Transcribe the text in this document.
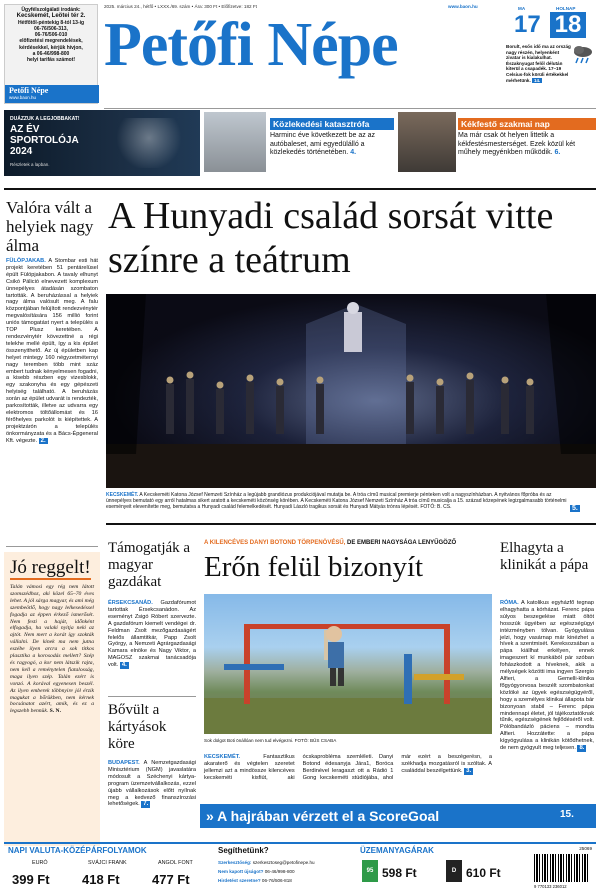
Ügyfélszolgálati irodánk:
Kecskemét, Leötei tér 2.
Hétfőtől-péntekig 8-tól 13-ig
06-76/506-313,
06-76/506-010
előfizetési megrendelések,
kérdésekkel, kérjük hívjon,
a 06-46/998-800
helyi tarifás számot!
Petőfi Népe
www.baon.hu
2025. március 24., hétfő • LXXX./69. szám • Ára: 300 Ft • Előfizetve: 182 Ft	www.baon.hu
Petőfi Népe
MA	HOLNAP
17 18
Borult, esős idő ma az ország nagy részén, helyenként zivatar is kialakulhat. Északnyugat felől délután kiterül a csapadék. 17–19 Celsius-fok körüli értékekkel mérhetünk. 14.
DUÁZZUK A LEGJOBBAKAT!
AZ ÉV SPORTOLÓJA 2024
Részletek a lapban.
Közlekedési katasztrófa
Harminc éve következett be az az autóbaleset, ami egyedülálló a közlekedés történetében. 4.
Kékfestő szakmai nap
Ma már csak öt helyen littetik a kékfestésmesterséget. Ezek közül két műhely megyénkben működik. 6.
Valóra vált a helyiek nagy álma
FÜLÖPJAKAB. A Stombar esti hát projekt keretében 51 pentárelüsel épült Fülöpjakabon. A tavaly elhunyt Csikó Pálició elnevezett komplexum ünnepélyes átadásán szombaton tartották. A beruházással a helyiek nagy álma valósult meg. A falu központjában felújított rendezvénytér megvalósítására 156 millió forint uniós támogatást nyert a település a TOP Plusz keretében. A rendezvénytér kövezettné a régi telekhe mellé épült, így a kis épület összenyithető. Az új épületben kap helyet mintegy 160 négyzetméternyi nagy teremben több mint száz embert tudnak kényelmesen fogadni, a kisebb részben egy vizesblokk, egy szakonyha és egy gépészeti helyiség található. A beruházás során az épület udvarát is rendezték, parkosították, illetve az udvarra egy elektromos töltőállomást és 16 férőhelyes parkolót is kiépítettek. A projektzárón a település önkormányzata és a Bács-Épgeneral Kft. végezte. 2.
Jó reggelt!
Talán vámosi egy rég nem látott szomszédhoz, aki közel 65–70 éves lehet. A jól sárga magyar, és ami még szembeötlő, hogy nagy lelkesedéssel fogadja az éppen érkező ismerősét. Nem festi a haját, időnként elfogadja, ha valaki nyitja neki az ajtót. Nem mert a korát így szokták vállalni. De kinek ma nem jutna eszébe ilyen arcra a sok titkos plasztika a korosodás mellett? Szép és ragyogó, a kor nem látszik rajta, nem kell a reménytelen fiatalosság, maga ilyen szép. Talán ezért is vonzó. A korával egyenesen beszél. Az ilyen emberek többnyire jól érzik magukat a bőrükben, nem kérnek bocsánatot azért, amik, és ez a legszebb bennük. S. N.
A Hunyadi család sorsát vitte színre a teátrum
KECSKEMÉT. A Kecskeméti Katona József Nemzeti Színház a legújabb grandiózus produkciójával mutatja be. A tróa című musical premierje pénteken volt a nagyszínházban. A nyitvános főpróba és az ünnepélyes bemutató egy arról hatalmas sikert aratott a kecskeméti közönség körében. A Kecskeméti Katona József Nemzeti Színház A tróa című musicalja a 15. század közepének legizgalmasabb történelmi eseményeit elevenítette meg, bemutatva a Hunyadi család felemelkedését. Hunyadi László tragikus sorsát és Hunyadi Mátyás trónra lépését. FOTÓ: B. CS.	5.
Támogatják a magyar gazdákat
ÉRSEKCSANÁD. Gazdafórumot tartottak Érsekcsanádon. Az eseményt Zsigó Róbert szervezte. A gazdafórum kiemelt vendégei dr. Feldman Zsolt mezőgazdaságért felelős államtitkár, Papp Zsolt György, a Nemzeti Agrárgazdasági Kamara elnöke és Nagy Viktor, a MAGOSZ szakmai tanácsadója volt. 4.
Bővült a kártyások köre
BUDAPEST. A Nemzetgazdasági Minisztérium (NGM) javaslatára módosult a Széchenyi kártya-program üzemzetvállalkozás, ezzel újabb vállalkozások előtt nyílnak meg a kedvező finanszírozási lehetőségek. 7.
A KILENCÉVES DANYI BOTOND TÖRPENÖVÉSŰ, DE EMBERI NAGYSÁGA LENYŰGÖZŐ
Erőn felül bizonyít
Sok dolgot Boti önállóan nem tud elvégezni. FOTÓ: BÜS CSABA
KECSKEMÉT.	Fantasztikus akaraterő és végtelen szeretet jellemzi azt a mindössze kilencéves kecskeméti kisfiút, aki ócskaprobléma szemléleti. Danyi Botond édesanyja Jára1, Boróca Berdinével leragaszt ott a Rádió 1 Gong kecskeméti stúdiójába, ahol már ezért a beszégerésn, a székhadja mozgatásról is szóltak. A családdal beszélgettünk. 3.
Elhagyta a klinikát a pápa
RÓMA. A katolikus egyházfő tegnap elhagyhatta a kórházat. Ferenc pápa súlyos beszegelése miatt öltöt hosszúk ügyében az egészségügyi intézményben tölvan. Gyógyulása jelzi, hogy vasárnap már kinézhet a hívek a szentmisét. Kereksozsában a pápa kiállhat erkélyen, ennek imageszert kí munkából pár szóban fohászkodott a híveknek, akik a mélységek közötti ima ingyen Szergio Alfieri, a Gemelli-klinika főgyógyorvosa beszélt szombatonkat közlöké az ügyek egészségügyéről, hogy a személyes klinikai állapota bár bizonyoan stabil – Ferenc pápa mindennapi életet, jól tájékoztatóknak tűnik, egészségének fejlődéséről volt. Pólóbandázló páciens – mondta Alfieri. Hozzátette: a pápa kígyógyulása a klinikán kötődhetnek, de nem gyógyult meg teljesen. 8.
» A hajrában vérzett el a ScoreGoal	15.
NAPI VALUTA-KÖZÉPÁRFOLYAMOK
EURÓ	SVÁJCI FRANK	ANGOL FONT
399 Ft 418 Ft 477 Ft
Segíthetünk?
Szerkesztőség: szerkesztoseg@petofinepe.hu
Nem kapott újságot? 06-46/998-800
Hirdetést szeretne? 06-76/506-818
ÜZEMANYAGÁRAK
95 598 Ft	D 610 Ft
25069
9 770133 236012
